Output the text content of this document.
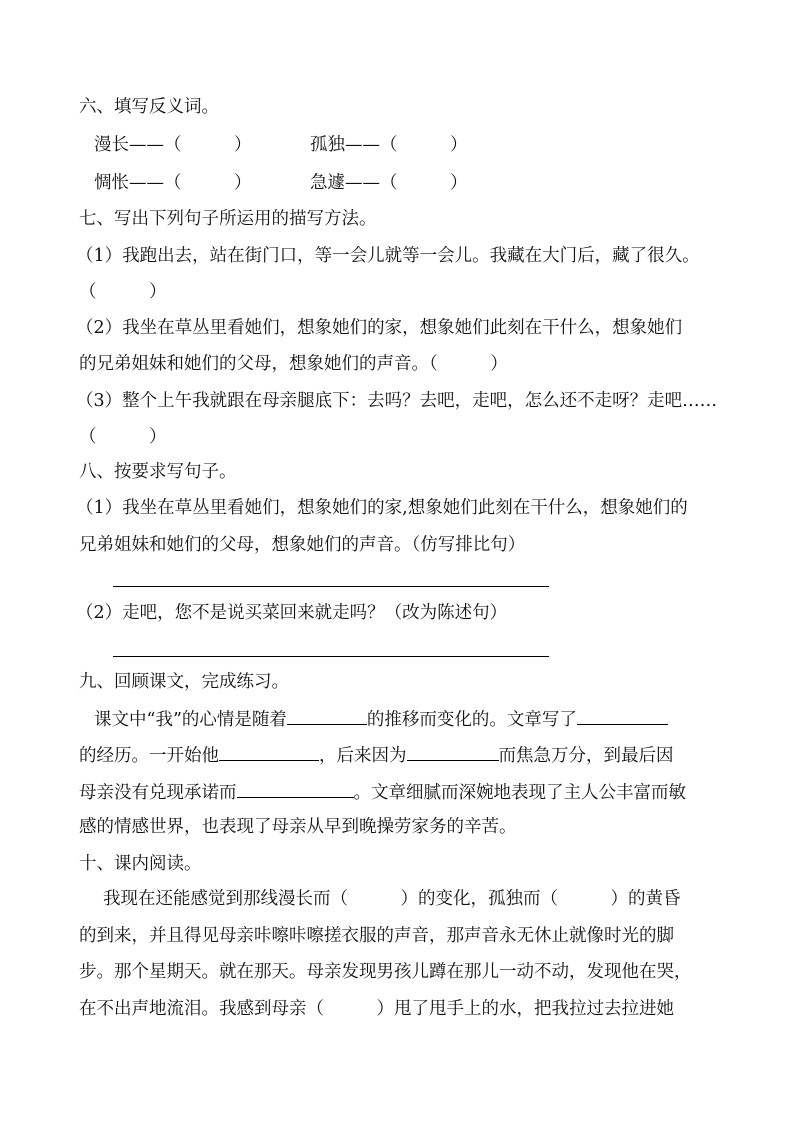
六、填写反义词。
漫长——（　　　）	孤独——（　　　）
惆怅——（　　　）	急遽——（　　　）
七、写出下列句子所运用的描写方法。
（1）我跑出去，站在街门口，等一会儿就等一会儿。我藏在大门后，藏了很久。
（　　　）
（2）我坐在草丛里看她们，想象她们的家，想象她们此刻在干什么，想象她们
的兄弟姐妹和她们的父母，想象她们的声音。（　　　）
（3）整个上午我就跟在母亲腿底下：去吗？去吧，走吧，怎么还不走呀？走吧……
（　　　）
八、按要求写句子。
（1）我坐在草丛里看她们，想象她们的家,想象她们此刻在干什么，想象她们的
兄弟姐妹和她们的父母，想象她们的声音。（仿写排比句）
（2）走吧，您不是说买菜回来就走吗？（改为陈述句）
九、回顾课文，完成练习。
课文中“我”的心情是随着	的推移而变化的。文章写了
的经历。一开始他	，后来因为	而焦急万分，到最后因
母亲没有兑现承诺而	。文章细腻而深婉地表现了主人公丰富而敏
感的情感世界，也表现了母亲从早到晚操劳家务的辛苦。
十、课内阅读。
我现在还能感觉到那线漫长而（　　　）的变化，孤独而（　　　）的黄昏
的到来，并且得见母亲咔嚓咔嚓搓衣服的声音，那声音永无休止就像时光的脚
步。那个星期天。就在那天。母亲发现男孩儿蹲在那儿一动不动，发现他在哭，
在不出声地流泪。我感到母亲（　　　）甩了甩手上的水，把我拉过去拉进她
